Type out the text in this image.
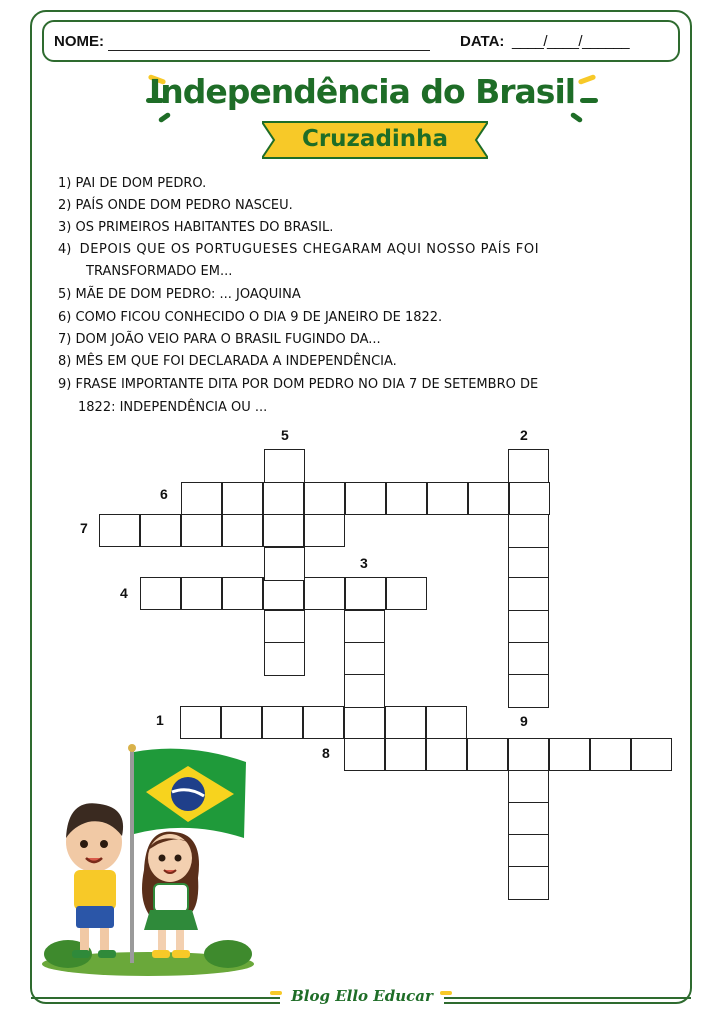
NOME:	DATA: ____/____/______
Independência do Brasil
Cruzadinha
1) PAI DE DOM PEDRO.
2) PAÍS ONDE DOM PEDRO NASCEU.
3) OS PRIMEIROS HABITANTES DO BRASIL.
4) DEPOIS QUE OS PORTUGUESES CHEGARAM AQUI NOSSO PAÍS FOI
TRANSFORMADO EM...
5) MÃE DE DOM PEDRO: ... JOAQUINA
6) COMO FICOU CONHECIDO O DIA 9 DE JANEIRO DE 1822.
7) DOM JOÃO VEIO PARA O BRASIL FUGINDO DA...
8) MÊS EM QUE FOI DECLARADA A INDEPENDÊNCIA.
9) FRASE IMPORTANTE DITA POR DOM PEDRO NO DIA 7 DE SETEMBRO DE
1822: INDEPENDÊNCIA OU ...
5	2
6
7
3
4
1	9
8
Blog Ello Educar
